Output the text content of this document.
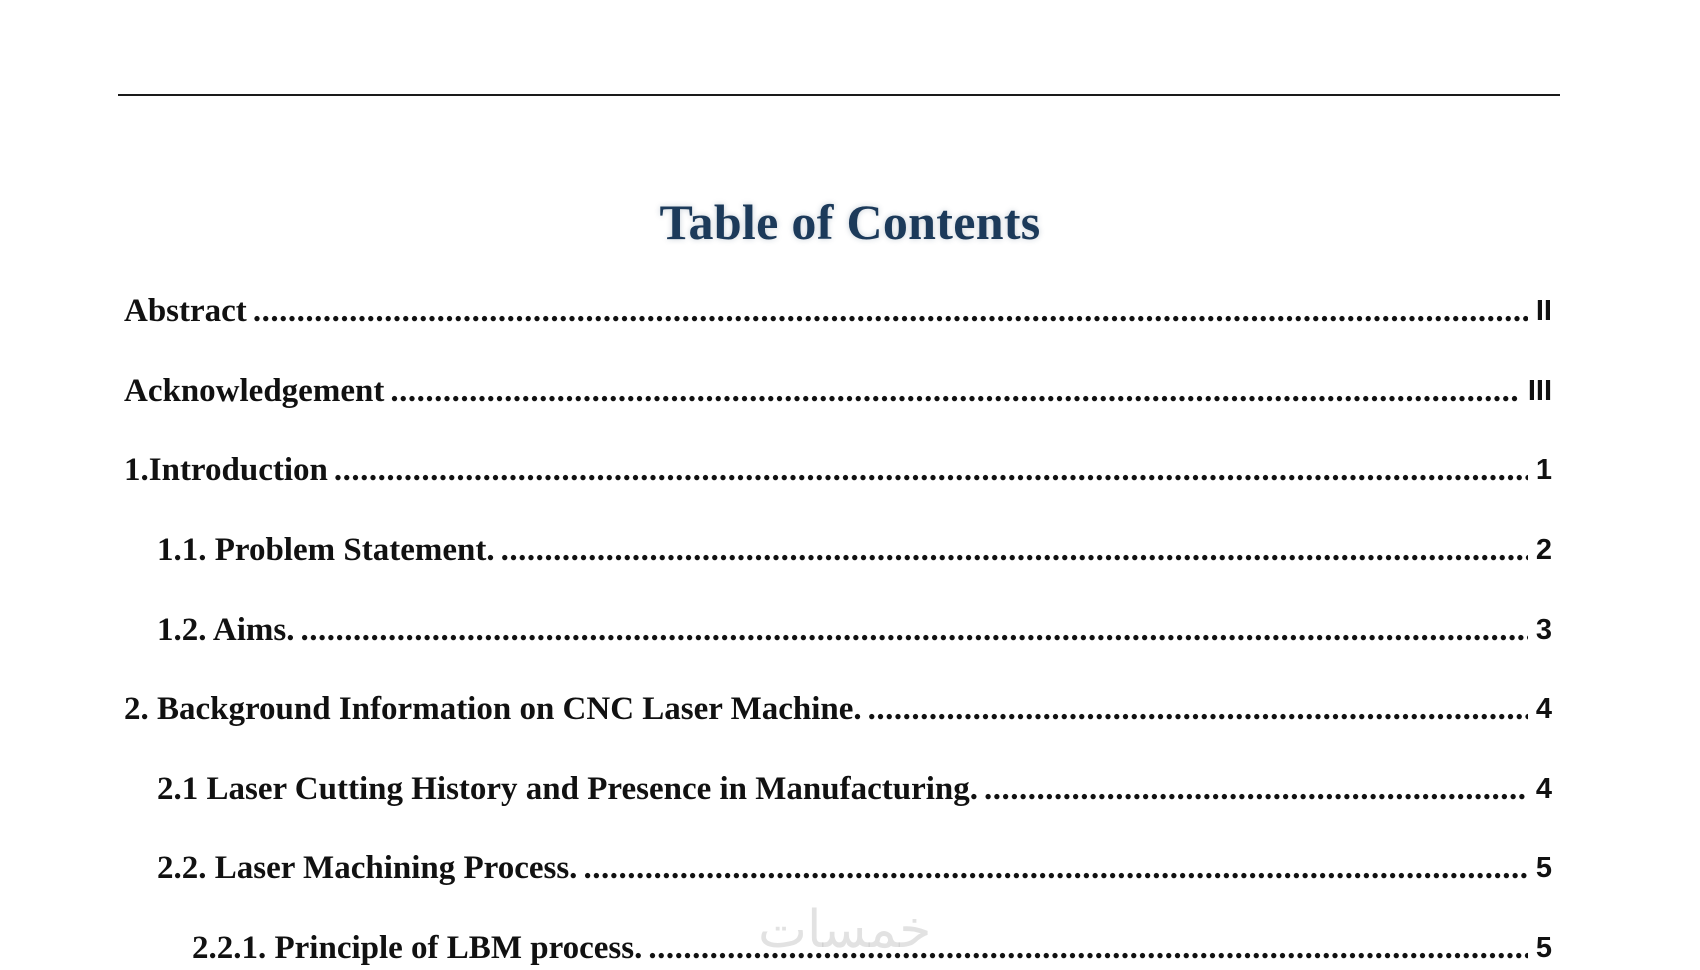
Table of Contents
Abstract .....	II
Acknowledgement .....	III
1.Introduction .....	1
1.1. Problem Statement. .....	2
1.2. Aims. .....	3
2. Background Information on CNC Laser Machine. .....	4
2.1 Laser Cutting History and Presence in Manufacturing. .....	4
2.2. Laser Machining Process. .....	5
2.2.1. Principle of LBM process. .....	5
خمسات
